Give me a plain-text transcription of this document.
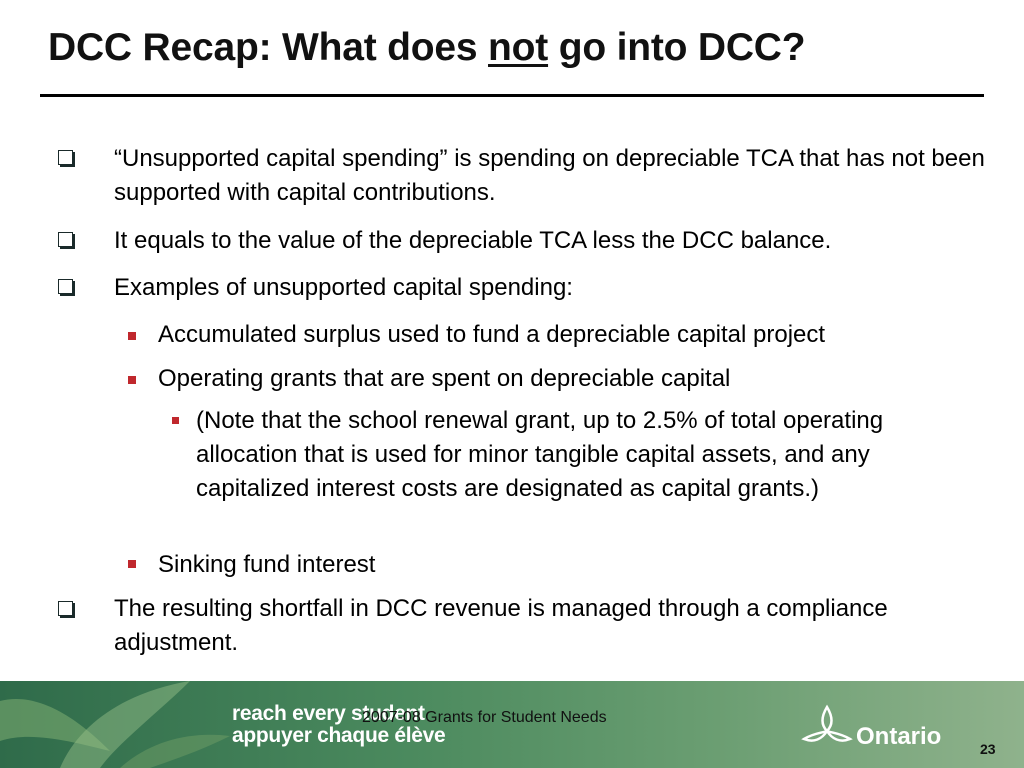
DCC Recap: What does not go into DCC?
“Unsupported capital spending” is spending on depreciable TCA that has not been supported with capital contributions.
It equals to the value of the depreciable TCA less the DCC balance.
Examples of unsupported capital spending:
Accumulated surplus used to fund a depreciable capital project
Operating grants that are spent on depreciable capital
(Note that the school renewal grant, up to 2.5% of total operating allocation that is used for minor tangible capital assets, and any capitalized interest costs are designated as capital grants.)
Sinking fund interest
The resulting shortfall in DCC revenue is managed through a compliance adjustment.
reach every student
appuyer chaque élève
2007-08 Grants for Student Needs
Ontario	23
